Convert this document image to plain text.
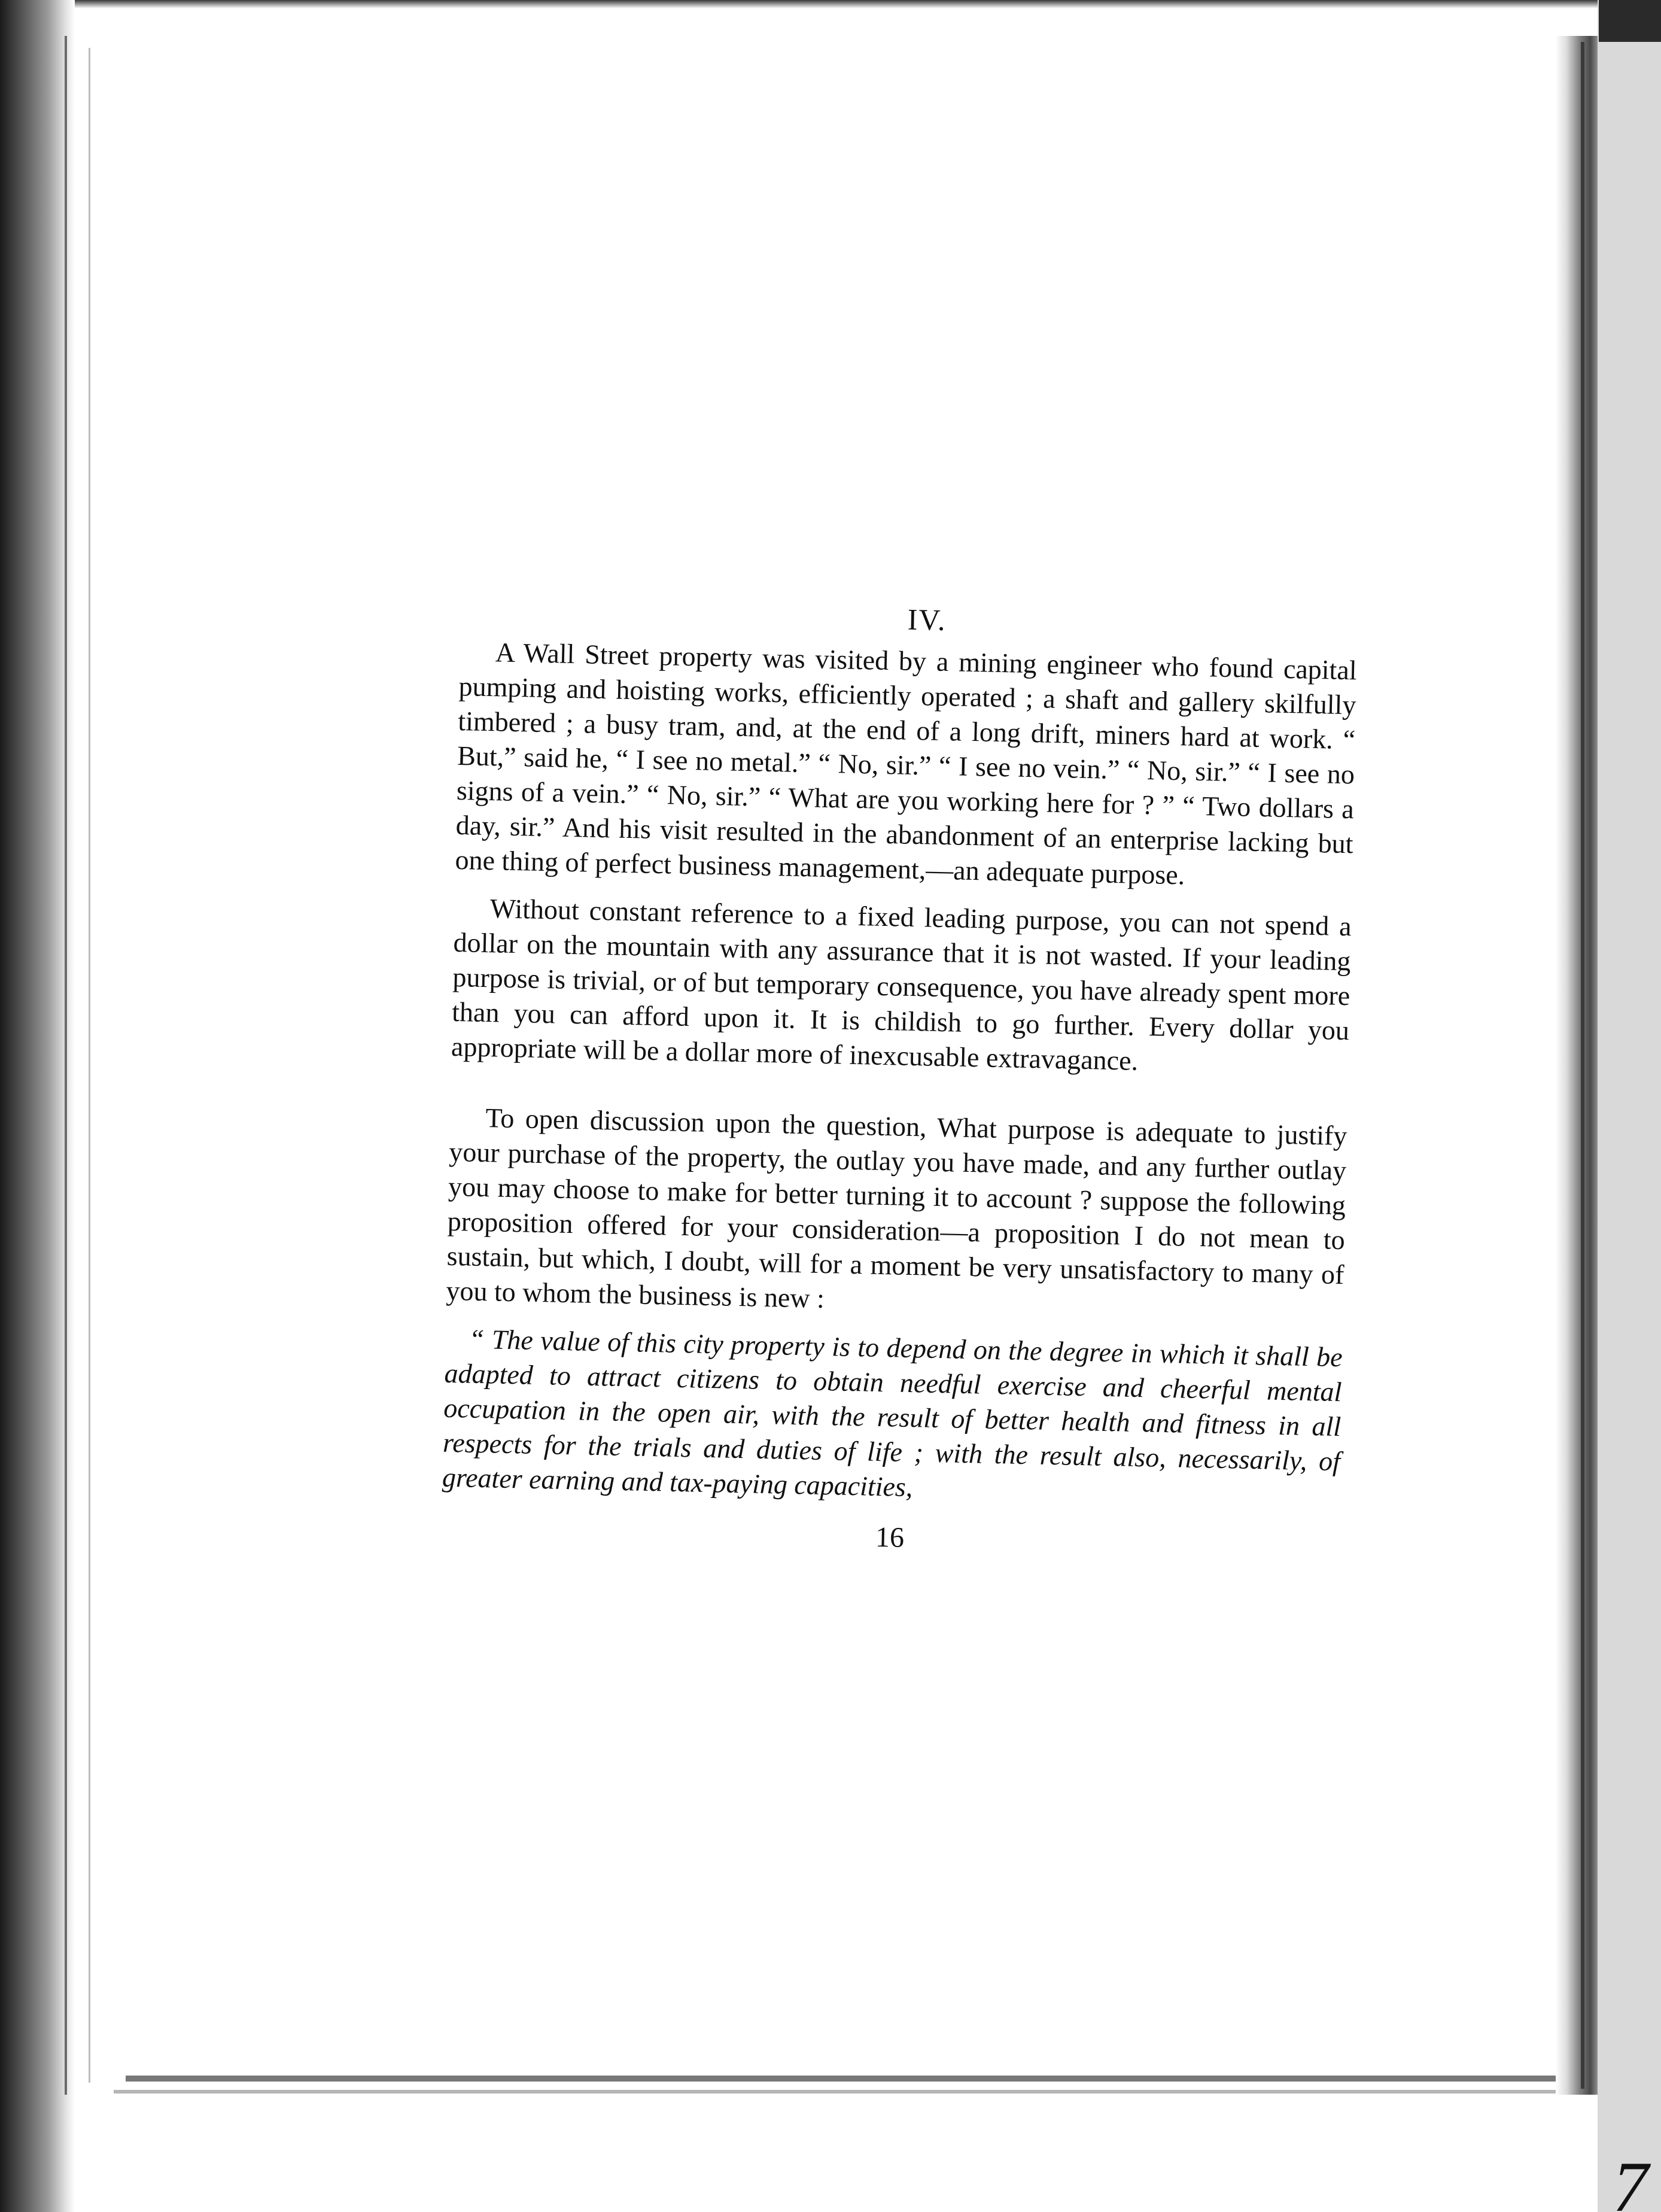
IV.

A Wall Street property was visited by a mining engineer who found capital pumping and hoisting works, efficiently operated ; a shaft and gallery skilfully timbered ; a busy tram, and, at the end of a long drift, miners hard at work. “ But,” said he, “ I see no metal.” “ No, sir.” “ I see no vein.” “ No, sir.” “ I see no signs of a vein.” “ No, sir.” “ What are you working here for ? ” “ Two dollars a day, sir.” And his visit resulted in the abandonment of an enterprise lacking but one thing of perfect business management,—an adequate purpose.

Without constant reference to a fixed leading purpose, you can not spend a dollar on the mountain with any assurance that it is not wasted. If your leading purpose is trivial, or of but temporary consequence, you have already spent more than you can afford upon it. It is childish to go further. Every dollar you appropriate will be a dollar more of inexcusable extravagance.

To open discussion upon the question, What purpose is adequate to justify your purchase of the property, the outlay you have made, and any further outlay you may choose to make for better turning it to account ? suppose the following proposition offered for your consideration—a proposition I do not mean to sustain, but which, I doubt, will for a moment be very unsatisfactory to many of you to whom the business is new :

“ The value of this city property is to depend on the degree in which it shall be adapted to attract citizens to obtain needful exercise and cheerful mental occupation in the open air, with the result of better health and fitness in all respects for the trials and duties of life ; with the result also, necessarily, of greater earning and tax-paying capacities,

16
7
